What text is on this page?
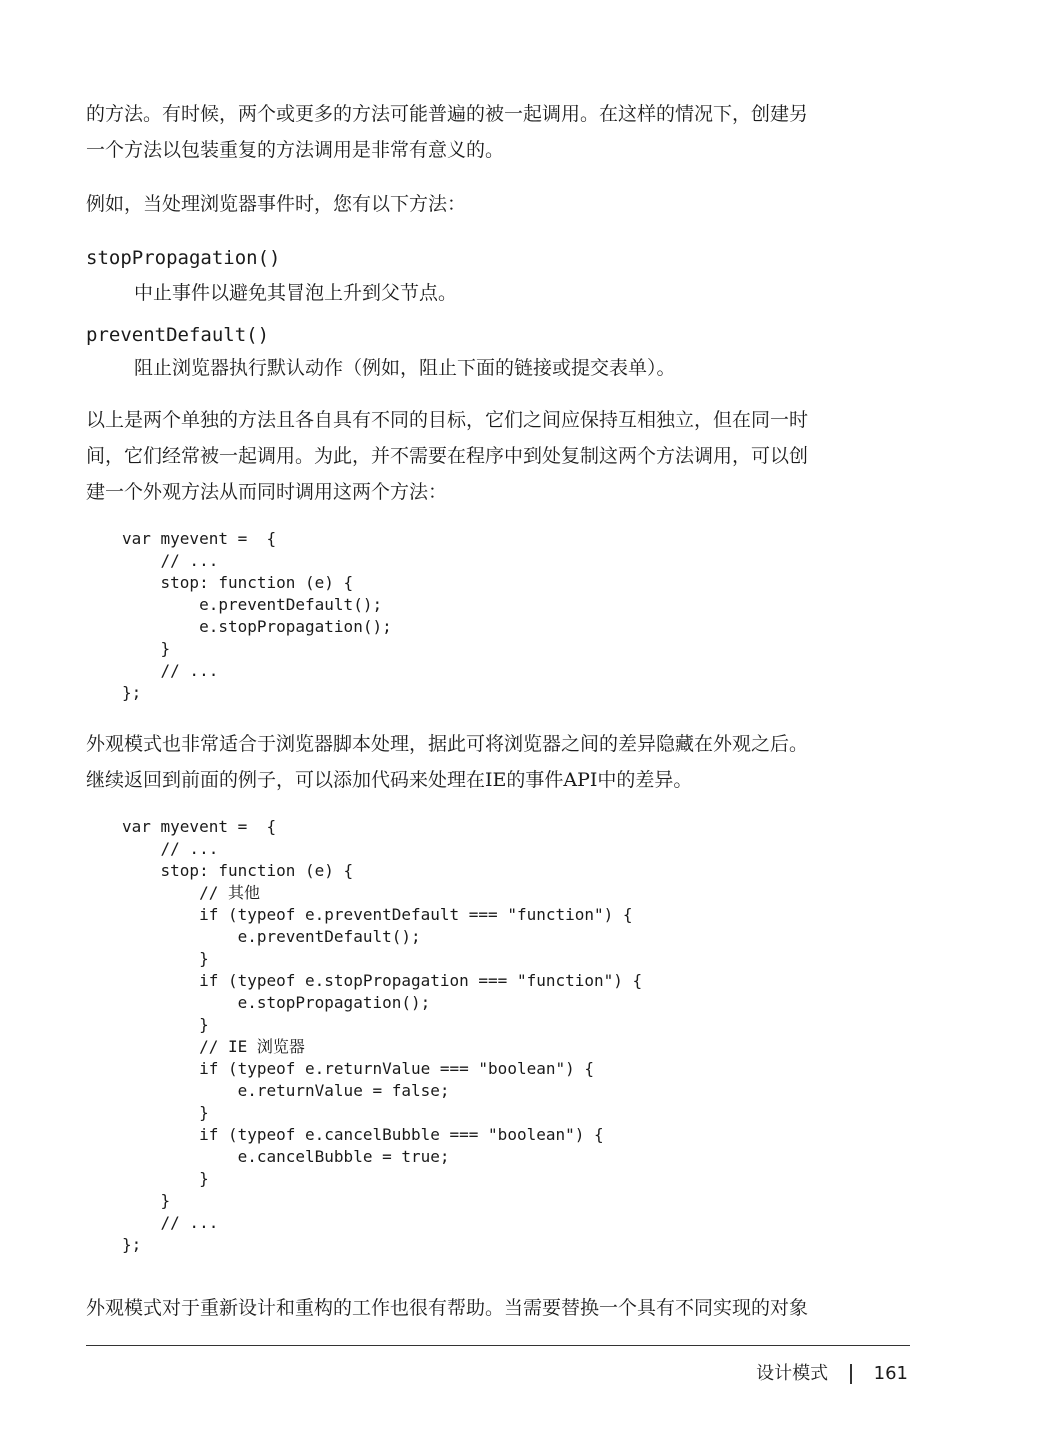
的方法。有时候，两个或更多的方法可能普遍的被一起调用。在这样的情况下，创建另
一个方法以包装重复的方法调用是非常有意义的。

例如，当处理浏览器事件时，您有以下方法：

stopPropagation()
中止事件以避免其冒泡上升到父节点。
preventDefault()
阻止浏览器执行默认动作（例如，阻止下面的链接或提交表单）。

以上是两个单独的方法且各自具有不同的目标，它们之间应保持互相独立，但在同一时
间，它们经常被一起调用。为此，并不需要在程序中到处复制这两个方法调用，可以创
建一个外观方法从而同时调用这两个方法：

var myevent =  {
// ...
stop: function (e) {
e.preventDefault();
e.stopPropagation();
}
// ...
};

外观模式也非常适合于浏览器脚本处理，据此可将浏览器之间的差异隐藏在外观之后。
继续返回到前面的例子，可以添加代码来处理在IE的事件API中的差异。

var myevent =  {
// ...
stop: function (e) {
// 其他
if (typeof e.preventDefault === "function") {
e.preventDefault();
}
if (typeof e.stopPropagation === "function") {
e.stopPropagation();
}
// IE 浏览器
if (typeof e.returnValue === "boolean") {
e.returnValue = false;
}
if (typeof e.cancelBubble === "boolean") {
e.cancelBubble = true;
}
}
// ...
};

外观模式对于重新设计和重构的工作也很有帮助。当需要替换一个具有不同实现的对象

设计模式	161
